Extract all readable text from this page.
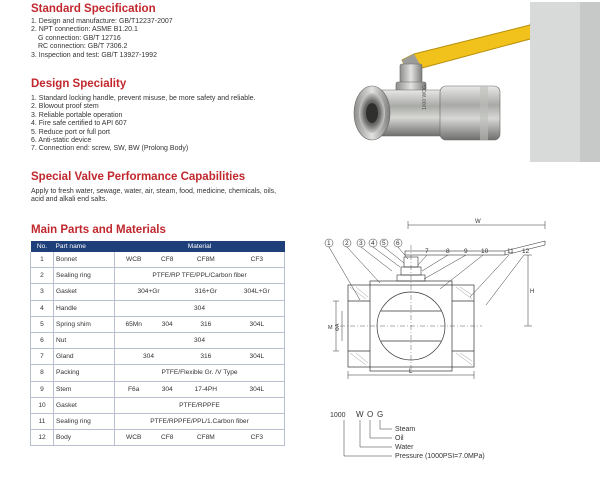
Standard Specification
1. Design and manufacture: GB/T12237-2007
2. NPT connection: ASME B1.20.1
G connection: GB/T 12716
RC connection: GB/T 7306.2
3. Inspection and test: GB/T 13927-1992
Design Speciality
1. Standard locking handle, prevent misuse, be more safety and reliable.
2. Blowout proof stem
3. Reliable portable operation
4. Fire safe certified to API 607
5. Reduce port or full port
6. Anti-static device
7. Connection end: screw, SW, BW (Prolong Body)
Special Valve Performance Capabilities

Apply to fresh water, sewage, water, air, steam, food, medicine, chemicals, oils, acid and alkali end salts.

Main Parts and Materials
No.	Part name	Material			
1	Bonnet	WCB	CF8	CF8M	CF3
2	Sealing ring	PTFE/RP TFE/PPL/Carbon fiber			
3	Gasket	304+Gr		316+Gr	304L+Gr
4	Handle	304			
5	Spring shim	65Mn	304	316	304L
6	Nut	304			
7	Gland	304		316	304L
8	Packing	PTFE/Flexible Gr. /V Type			
9	Stem	F6a	304	17-4PH	304L
10	Gasket	PTFE/RPPFE			
11	Sealing ring	PTFE/RPPFE/PPL/1.Carbon fiber			
12	Body	WCB	CF8	CF8M	CF3
1000 WOG
1 2 3 4 5 6
7	8 9 10	11 12
W
H
M ΦA
L
1000 W O G
Steam
Oil
Water
Pressure (1000PSI=7.0MPa)
